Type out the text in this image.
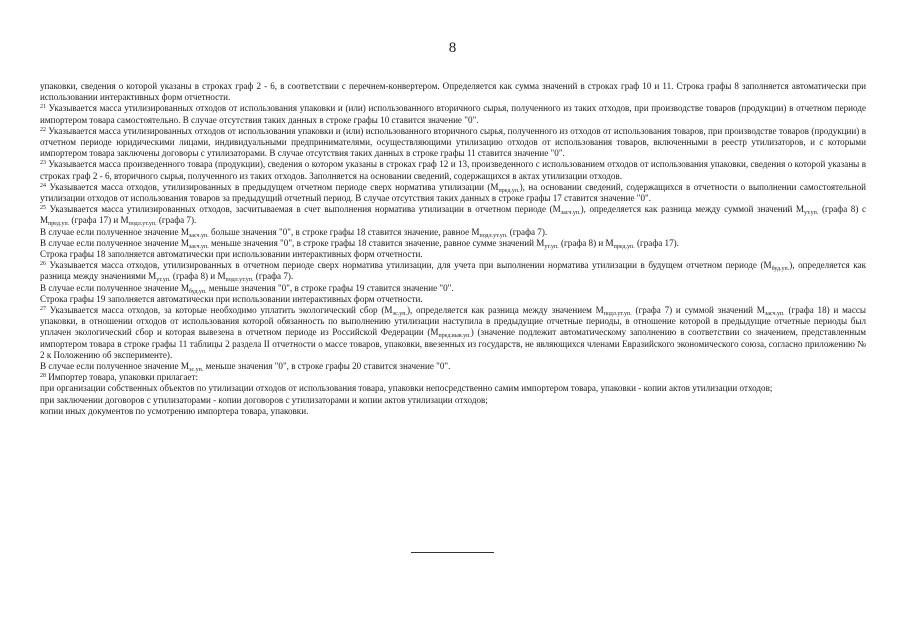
8

упаковки, сведения о которой указаны в строках граф 2 - 6, в соответствии с перечнем-конвертером. Определяется как сумма значений в строках граф 10 и 11. Строка графы 8 заполняется автоматически при использовании интерактивных форм отчетности.

$^{21}$ Указывается масса утилизированных отходов от использования упаковки и (или) использованного вторичного сырья, полученного из таких отходов, при производстве товаров (продукции) в отчетном периоде импортером товара самостоятельно. В случае отсутствия таких данных в строке графы 10 ставится значение "0".

$^{22}$ Указывается масса утилизированных отходов от использования упаковки и (или) использованного вторичного сырья, полученного из отходов от использования товаров, при производстве товаров (продукции) в отчетном периоде юридическими лицами, индивидуальными предпринимателями, осуществляющими утилизацию отходов от использования товаров, включенными в реестр утилизаторов, и с которыми импортером товара заключены договоры с утилизаторами. В случае отсутствия таких данных в строке графы 11 ставится значение "0".

$^{23}$ Указывается масса произведенного товара (продукции), сведения о котором указаны в строках граф 12 и 13, произведенного с использованием отходов от использования упаковки, сведения о которой указаны в строках граф 2 - 6, вторичного сырья, полученного из таких отходов. Заполняется на основании сведений, содержащихся в актах утилизации отходов.

$^{24}$ Указывается масса отходов, утилизированных в предыдущем отчетном периоде сверх норматива утилизации $(М_{пред.уп.})$, на основании сведений, содержащихся в отчетности о выполнении самостоятельной утилизации отходов от использования товаров за предыдущий отчетный период. В случае отсутствия таких данных в строке графы 17 ставится значение "0".

$^{25}$ Указывается масса утилизированных отходов, засчитываемая в счет выполнения норматива утилизации в отчетном периоде $(М_{засч.уп.})$, определяется как разница между суммой значений $М_{ут.уп.}$ (графа 8) с $М_{пред.уп.}$ (графа 17) и $М_{подл.ут.уп.}$ (графа 7).

В случае если полученное значение $М_{засч.уп.}$ больше значения "0", в строке графы 18 ставится значение, равное $М_{подл.ут.уп.}$ (графа 7).

В случае если полученное значение $М_{засч.уп.}$ меньше значения "0", в строке графы 18 ставится значение, равное сумме значений $М_{ут.уп.}$ (графа 8) и $М_{пред.уп.}$ (графа 17).

Строка графы 18 заполняется автоматически при использовании интерактивных форм отчетности.

$^{26}$ Указывается масса отходов, утилизированных в отчетном периоде сверх норматива утилизации, для учета при выполнении норматива утилизации в будущем отчетном периоде $(М_{буд.уп.})$, определяется как разница между значениями $М_{ут.уп.}$ (графа 8) и $М_{подл.ут.уп.}$ (графа 7).

В случае если полученное значение $М_{буд.уп.}$ меньше значения "0", в строке графы 19 ставится значение "0".

Строка графы 19 заполняется автоматически при использовании интерактивных форм отчетности.

$^{27}$ Указывается масса отходов, за которые необходимо уплатить экологический сбор $(М_{эс.уп.})$, определяется как разница между значением $М_{подл.ут.уп.}$ (графа 7) и суммой значений $М_{засч.уп.}$ (графа 18) и массы упаковки, в отношении отходов от использования которой обязанность по выполнению утилизации наступила в предыдущие отчетные периоды, в отношение которой в предыдущие отчетные периоды был уплачен экологический сбор и которая вывезена в отчетном периоде из Российской Федерации $(М_{пред.выв.уп.})$ (значение подлежит автоматическому заполнению в соответствии со значением, представленным импортером товара в строке графы 11 таблицы 2 раздела II отчетности о массе товаров, упаковки, ввезенных из государств, не являющихся членами Евразийского экономического союза, согласно приложению № 2 к Положению об эксперименте).

В случае если полученное значение $М_{эс.уп.}$ меньше значения "0", в строке графы 20 ставится значение "0".

$^{28}$ Импортер товара, упаковки прилагает:

при организации собственных объектов по утилизации отходов от использования товара, упаковки непосредственно самим импортером товара, упаковки - копии актов утилизации отходов;

при заключении договоров с утилизаторами - копии договоров с утилизаторами и копии актов утилизации отходов;

копии иных документов по усмотрению импортера товара, упаковки.
